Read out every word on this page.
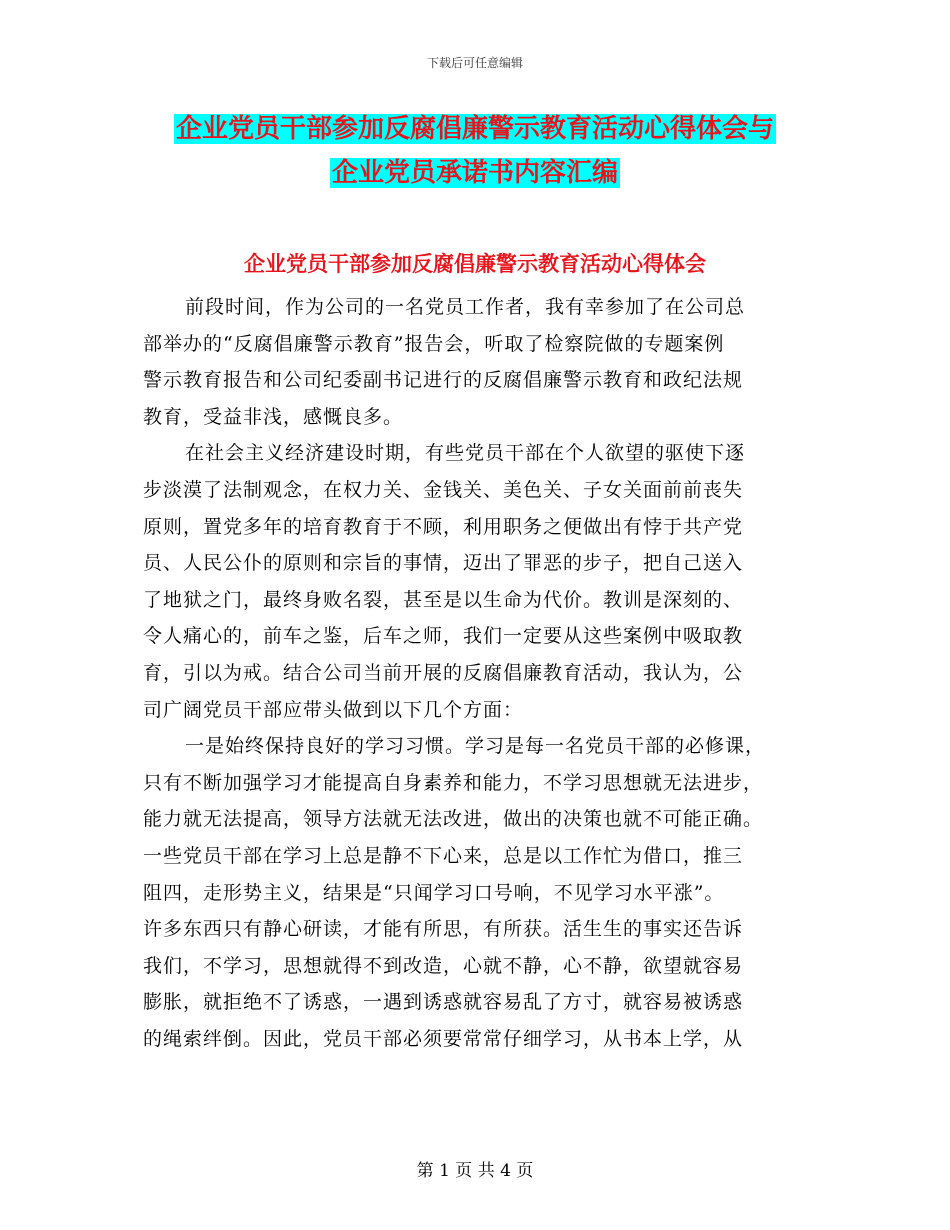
下载后可任意编辑
企业党员干部参加反腐倡廉警示教育活动心得体会与
企业党员承诺书内容汇编
企业党员干部参加反腐倡廉警示教育活动心得体会
前段时间，作为公司的一名党员工作者，我有幸参加了在公司总
部举办的“反腐倡廉警示教育”报告会，听取了检察院做的专题案例
警示教育报告和公司纪委副书记进行的反腐倡廉警示教育和政纪法规
教育，受益非浅，感慨良多。
在社会主义经济建设时期，有些党员干部在个人欲望的驱使下逐
步淡漠了法制观念，在权力关、金钱关、美色关、子女关面前前丧失
原则，置党多年的培育教育于不顾，利用职务之便做出有悖于共产党
员、人民公仆的原则和宗旨的事情，迈出了罪恶的步子，把自己送入
了地狱之门，最终身败名裂，甚至是以生命为代价。教训是深刻的、
令人痛心的，前车之鉴，后车之师，我们一定要从这些案例中吸取教
育，引以为戒。结合公司当前开展的反腐倡廉教育活动，我认为，公
司广阔党员干部应带头做到以下几个方面：
一是始终保持良好的学习习惯。学习是每一名党员干部的必修课，
只有不断加强学习才能提高自身素养和能力，不学习思想就无法进步，
能力就无法提高，领导方法就无法改进，做出的决策也就不可能正确。
一些党员干部在学习上总是静不下心来，总是以工作忙为借口，推三
阻四，走形势主义，结果是“只闻学习口号响，不见学习水平涨”。
许多东西只有静心研读，才能有所思，有所获。活生生的事实还告诉
我们，不学习，思想就得不到改造，心就不静，心不静，欲望就容易
膨胀，就拒绝不了诱惑，一遇到诱惑就容易乱了方寸，就容易被诱惑
的绳索绊倒。因此，党员干部必须要常常仔细学习，从书本上学，从
第 1 页 共 4 页
